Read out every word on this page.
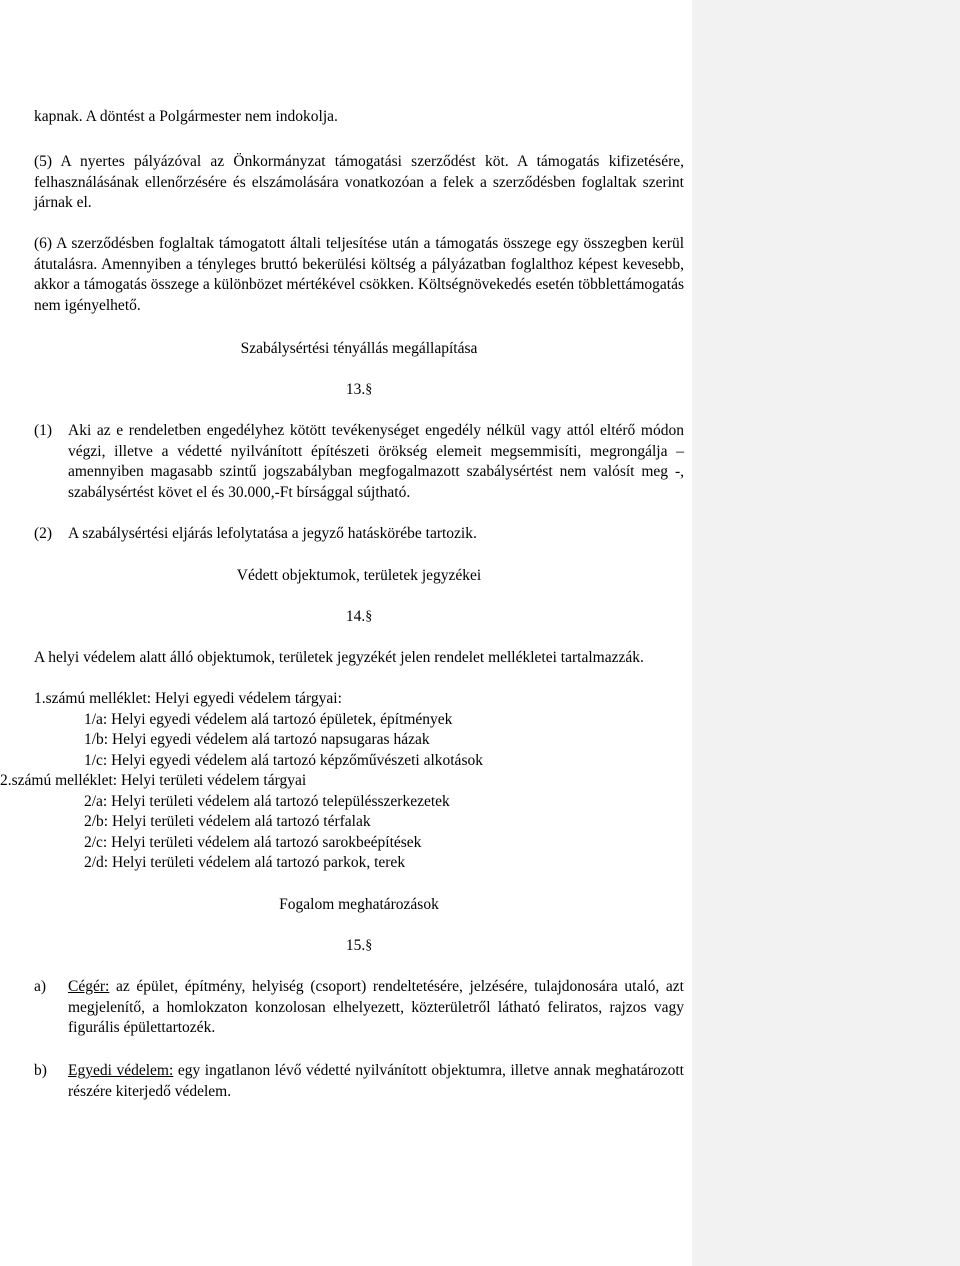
kapnak. A döntést a Polgármester nem indokolja.

(5) A nyertes pályázóval az Önkormányzat támogatási szerződést köt. A támogatás kifizetésére, felhasználásának ellenőrzésére és elszámolására vonatkozóan a felek a szerződésben foglaltak szerint járnak el.

(6) A szerződésben foglaltak támogatott általi teljesítése után a támogatás összege egy összegben kerül átutalásra. Amennyiben a tényleges bruttó bekerülési költség a pályázatban foglalthoz képest kevesebb, akkor a támogatás összege a különbözet mértékével csökken. Költségnövekedés esetén többlettámogatás nem igényelhető.

Szabálysértési tényállás megállapítása
13.§
(1) Aki az e rendeletben engedélyhez kötött tevékenységet engedély nélkül vagy attól eltérő módon végzi, illetve a védetté nyilvánított építészeti örökség elemeit megsemmisíti, megrongálja – amennyiben magasabb szintű jogszabályban megfogalmazott szabálysértést nem valósít meg -, szabálysértést követ el és 30.000,-Ft bírsággal sújtható.
(2) A szabálysértési eljárás lefolytatása a jegyző hatáskörébe tartozik.
Védett objektumok, területek jegyzékei
14.§

A helyi védelem alatt álló objektumok, területek jegyzékét jelen rendelet mellékletei tartalmazzák.

1.számú melléklet: Helyi egyedi védelem tárgyai:
1/a: Helyi egyedi védelem alá tartozó épületek, építmények
1/b: Helyi egyedi védelem alá tartozó napsugaras házak
1/c: Helyi egyedi védelem alá tartozó képzőművészeti alkotások
2.számú melléklet: Helyi területi védelem tárgyai
2/a: Helyi területi védelem alá tartozó településszerkezetek
2/b: Helyi területi védelem alá tartozó térfalak
2/c: Helyi területi védelem alá tartozó sarokbeépítések
2/d: Helyi területi védelem alá tartozó parkok, terek
Fogalom meghatározások
15.§
a) Cégér: az épület, építmény, helyiség (csoport) rendeltetésére, jelzésére, tulajdonosára utaló, azt megjelenítő, a homlokzaton konzolosan elhelyezett, közterületről látható feliratos, rajzos vagy figurális épülettartozék.
b) Egyedi védelem: egy ingatlanon lévő védetté nyilvánított objektumra, illetve annak meghatározott részére kiterjedő védelem.
